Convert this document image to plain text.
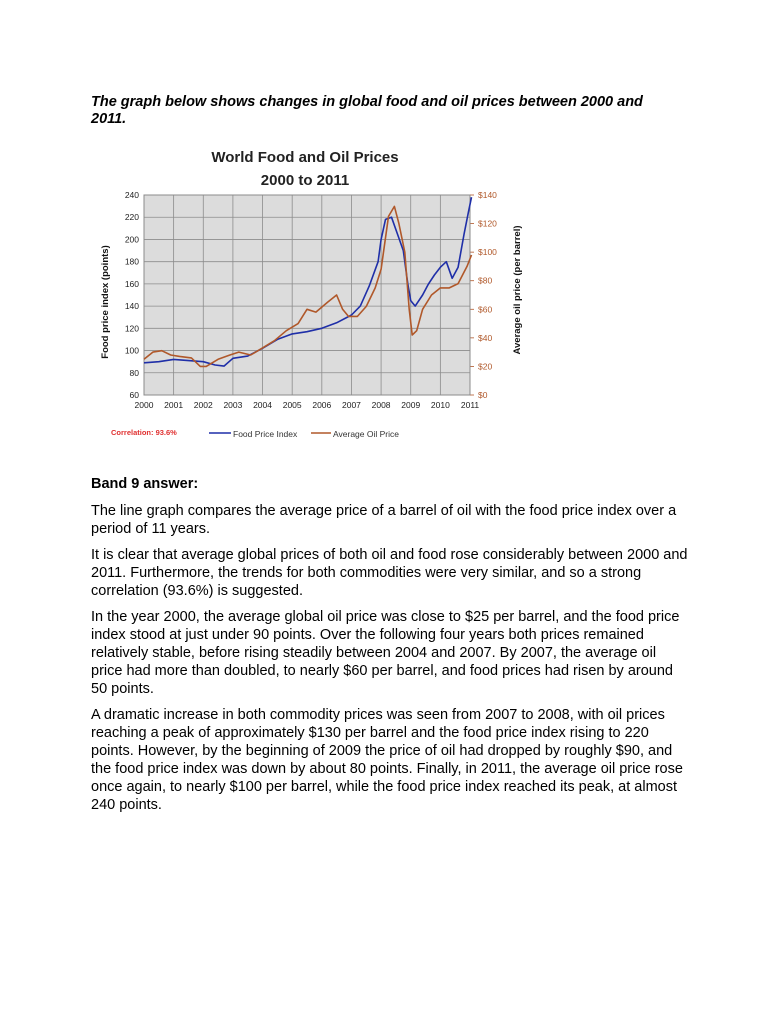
The graph below shows changes in global food and oil prices between 2000 and 2011.

World Food and Oil Prices
2000 to 2011
240
220
200
180
160
140
120
100
80
60
$140
$120
$100
$80
$60
$40
$20
$0
2000 2001 2002 2003 2004 2005 2006 2007 2008 2009 2010 2011
Food price index (points)	Average oil price (per barrel)
Correlation: 93.6%	Food Price Index	Average Oil Price
Band 9 answer:

The line graph compares the average price of a barrel of oil with the food price index over a period of 11 years.

It is clear that average global prices of both oil and food rose considerably between 2000 and 2011. Furthermore, the trends for both commodities were very similar, and so a strong correlation (93.6%) is suggested.

In the year 2000, the average global oil price was close to $25 per barrel, and the food price index stood at just under 90 points. Over the following four years both prices remained relatively stable, before rising steadily between 2004 and 2007. By 2007, the average oil price had more than doubled, to nearly $60 per barrel, and food prices had risen by around 50 points.

A dramatic increase in both commodity prices was seen from 2007 to 2008, with oil prices reaching a peak of approximately $130 per barrel and the food price index rising to 220 points. However, by the beginning of 2009 the price of oil had dropped by roughly $90, and the food price index was down by about 80 points. Finally, in 2011, the average oil price rose once again, to nearly $100 per barrel, while the food price index reached its peak, at almost 240 points.
